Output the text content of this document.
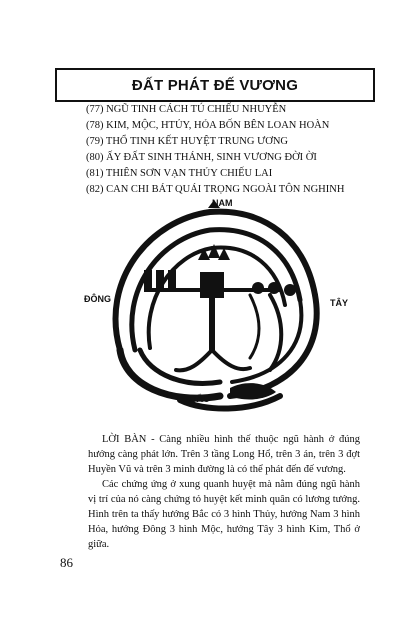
ĐẤT PHÁT ĐẾ VƯƠNG
(77) NGŨ TINH CÁCH TÚ CHIẾU NHUYỄN
(78) KIM, MỘC, HTỦY, HỎA BỐN BÊN LOAN HOÀN
(79) THỔ TINH KẾT HUYỆT TRUNG ƯƠNG
(80) ẤY ĐẤT SINH THÁNH, SINH VƯƠNG ĐỜI ỜI
(81) THIÊN SƠN VẠN THỦY CHIẾU LAI
(82) CAN CHI BÁT QUÁI TRỌNG NGOÀI TÔN NGHINH
NAM
ĐÔNG	TÂY
BẮC

LỜI BÀN - Càng nhiều hình thế thuộc ngũ hành ở đúng hướng càng phát lớn. Trên 3 tầng Long Hổ, trên 3 án, trên 3 đợt Huyền Vũ và trên 3 minh đường là có thể phát đến đế vương.

Các chứng ứng ở xung quanh huyệt mà nằm đúng ngũ hành vị trí của nó càng chứng tỏ huyệt kết minh quân có lương tướng. Hình trên ta thấy hướng Bắc có 3 hình Thủy, hướng Nam 3 hình Hỏa, hướng Đông 3 hình Mộc, hướng Tây 3 hình Kim, Thổ ở giữa.

86
